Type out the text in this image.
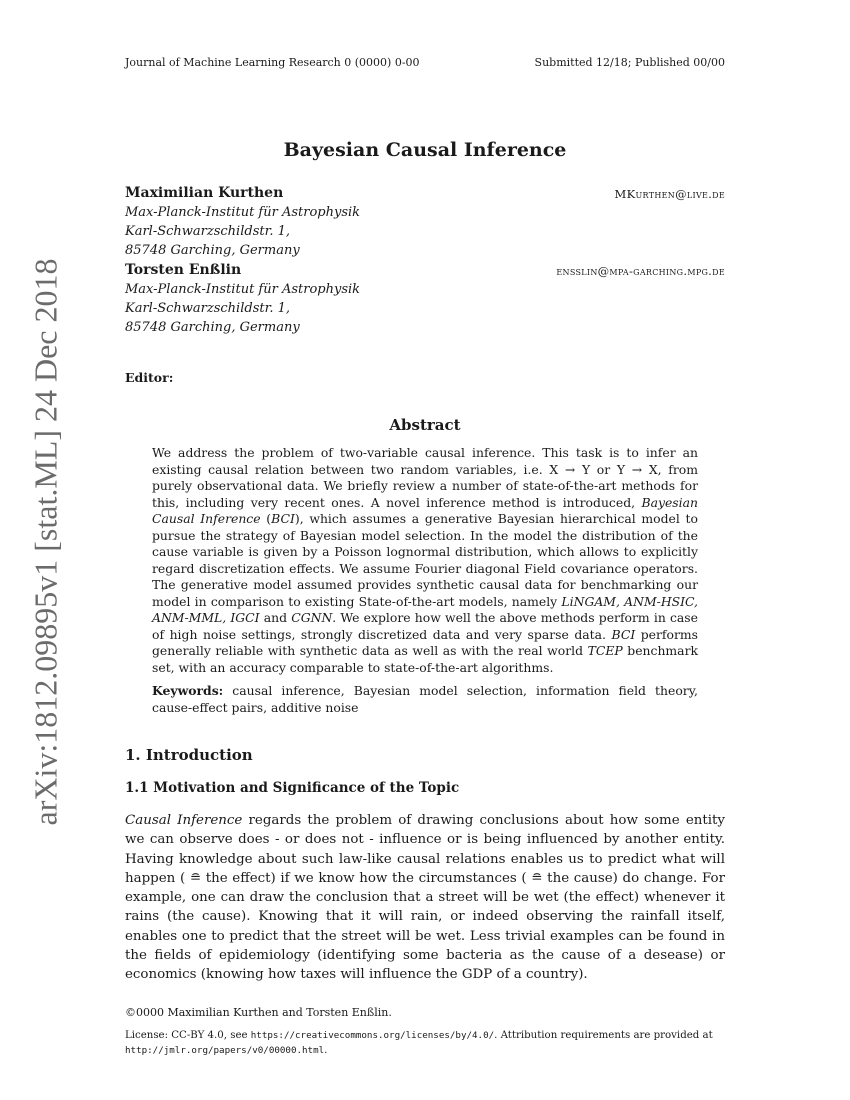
arXiv:1812.09895v1 [stat.ML] 24 Dec 2018
Journal of Machine Learning Research 0 (0000) 0-00	Submitted 12/18; Published 00/00
Bayesian Causal Inference
Maximilian Kurthen	MKurthen@live.de
Max-Planck-Institut für Astrophysik
Karl-Schwarzschildstr. 1,
85748 Garching, Germany
Torsten Enßlin	ensslin@mpa-garching.mpg.de
Max-Planck-Institut für Astrophysik
Karl-Schwarzschildstr. 1,
85748 Garching, Germany
Editor:
Abstract
We address the problem of two-variable causal inference. This task is to infer an existing causal relation between two random variables, i.e. X → Y or Y → X, from purely observational data. We briefly review a number of state-of-the-art methods for this, including very recent ones. A novel inference method is introduced, Bayesian Causal Inference (BCI), which assumes a generative Bayesian hierarchical model to pursue the strategy of Bayesian model selection. In the model the distribution of the cause variable is given by a Poisson lognormal distribution, which allows to explicitly regard discretization effects. We assume Fourier diagonal Field covariance operators. The generative model assumed provides synthetic causal data for benchmarking our model in comparison to existing State-of-the-art models, namely LiNGAM, ANM-HSIC, ANM-MML, IGCI and CGNN. We explore how well the above methods perform in case of high noise settings, strongly discretized data and very sparse data. BCI performs generally reliable with synthetic data as well as with the real world TCEP benchmark set, with an accuracy comparable to state-of-the-art algorithms.
Keywords: causal inference, Bayesian model selection, information field theory, cause-effect pairs, additive noise
1. Introduction
1.1 Motivation and Significance of the Topic
Causal Inference regards the problem of drawing conclusions about how some entity we can observe does - or does not - influence or is being influenced by another entity. Having knowledge about such law-like causal relations enables us to predict what will happen ( ≘ the effect) if we know how the circumstances ( ≘ the cause) do change. For example, one can draw the conclusion that a street will be wet (the effect) whenever it rains (the cause). Knowing that it will rain, or indeed observing the rainfall itself, enables one to predict that the street will be wet. Less trivial examples can be found in the fields of epidemiology (identifying some bacteria as the cause of a desease) or economics (knowing how taxes will influence the GDP of a country).
©0000 Maximilian Kurthen and Torsten Enßlin.
License: CC-BY 4.0, see https://creativecommons.org/licenses/by/4.0/. Attribution requirements are provided at http://jmlr.org/papers/v0/00000.html.
